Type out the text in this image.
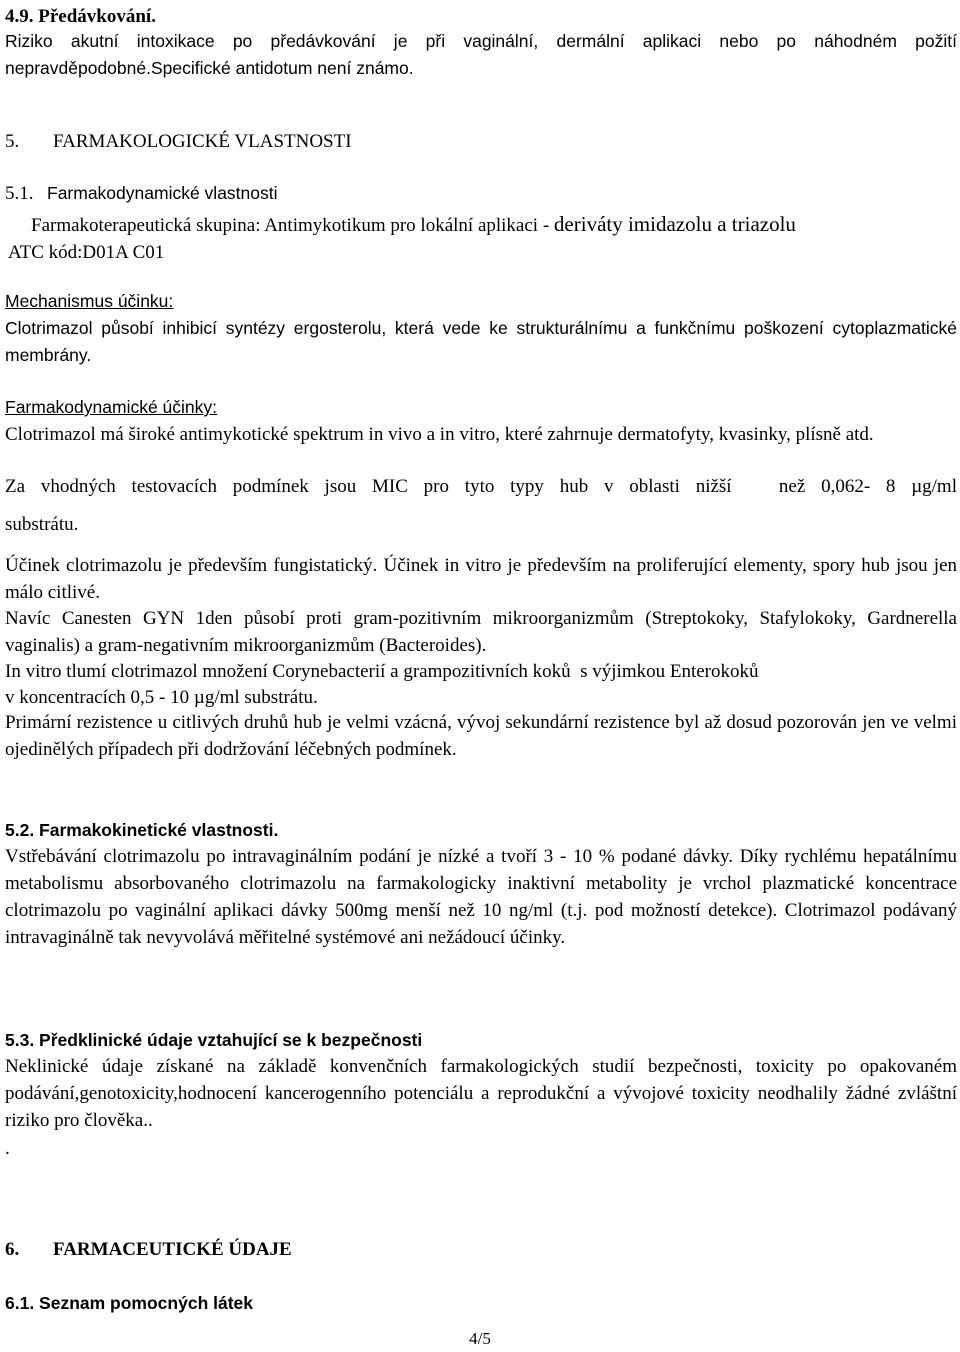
4.9. Předávkování.

Riziko akutní intoxikace po předávkování je při vaginální, dermální aplikaci nebo po náhodném požití nepravděpodobné.Specifické antidotum není známo.

5. FARMAKOLOGICKÉ VLASTNOSTI

5.1. Farmakodynamické vlastnosti

Farmakoterapeutická skupina: Antimykotikum pro lokální aplikaci - deriváty imidazolu a triazolu

ATC kód:D01A C01

Mechanismus účinku:

Clotrimazol působí inhibicí syntézy ergosterolu, která vede ke strukturálnímu a funkčnímu poškození cytoplazmatické membrány.

Farmakodynamické účinky:

Clotrimazol má široké antimykotické spektrum in vivo a in vitro, které zahrnuje dermatofyty, kvasinky, plísně atd.

Za vhodných testovacích podmínek jsou MIC pro tyto typy hub v oblasti nižší   než 0,062- 8 µg/ml

substrátu.

Účinek clotrimazolu je především fungistatický. Účinek in vitro je především na proliferující elementy, spory hub jsou jen málo citlivé.

Navíc Canesten GYN 1den působí proti gram-pozitivním mikroorganizmům (Streptokoky, Stafylokoky, Gardnerella vaginalis) a gram-negativním mikroorganizmům (Bacteroides).

In vitro tlumí clotrimazol množení Corynebacterií a grampozitivních koků  s výjimkou Enterokoků

v koncentracích 0,5 - 10 µg/ml substrátu.

Primární rezistence u citlivých druhů hub je velmi vzácná, vývoj sekundární rezistence byl až dosud pozorován jen ve velmi ojedinělých případech při dodržování léčebných podmínek.

5.2. Farmakokinetické vlastnosti.

Vstřebávání clotrimazolu po intravaginálním podání je nízké a tvoří 3 - 10 % podané dávky. Díky rychlému hepatálnímu metabolismu absorbovaného clotrimazolu na farmakologicky inaktivní metabolity je vrchol plazmatické koncentrace clotrimazolu po vaginální aplikaci dávky 500mg menší než 10 ng/ml (t.j. pod možností detekce). Clotrimazol podávaný intravaginálně tak nevyvolává měřitelné systémové ani nežádoucí účinky.

5.3. Předklinické údaje vztahující se k bezpečnosti

Neklinické údaje získané na základě konvenčních farmakologických studií bezpečnosti, toxicity po opakovaném podávání,genotoxicity,hodnocení kancerogenního potenciálu a reprodukční a vývojové toxicity neodhalily žádné zvláštní riziko pro člověka..

.

6. FARMACEUTICKÉ ÚDAJE

6.1. Seznam pomocných látek

4/5
